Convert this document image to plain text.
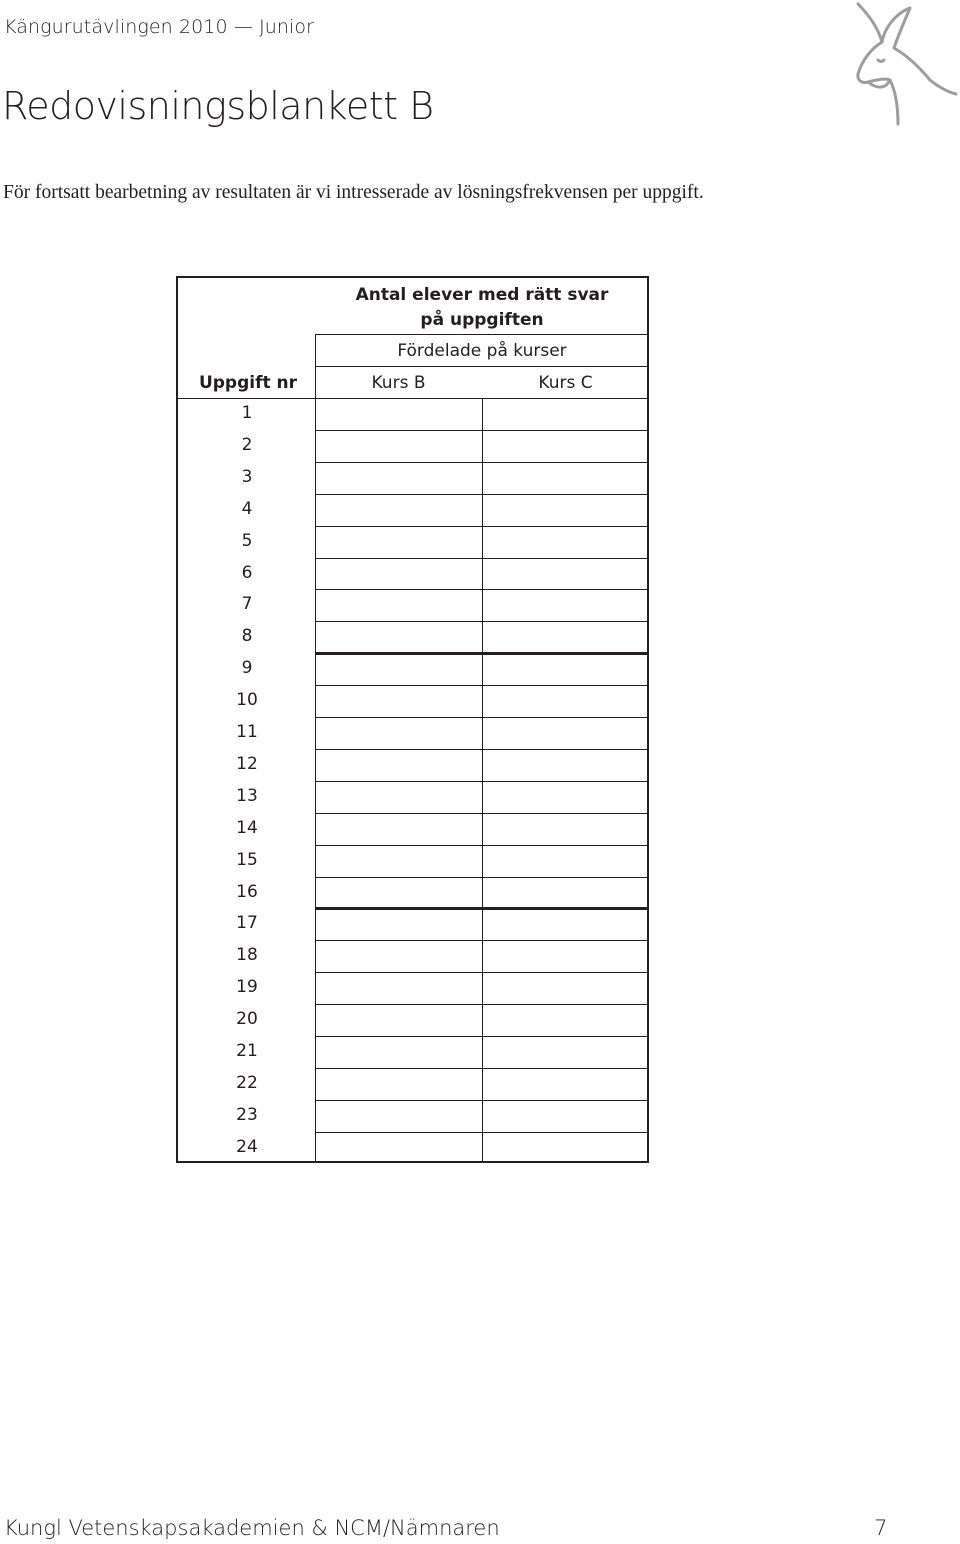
Kängurutävlingen 2010 — Junior
Redovisningsblankett B
För fortsatt bearbetning av resultaten är vi intresserade av lösningsfrekvensen per uppgift.
Antal elever med rätt svar
på uppgiften
Fördelade på kurser
Uppgift nr	Kurs B	Kurs C
1
2
3
4
5
6
7
8
9
10
11
12
13
14
15
16
17
18
19
20
21
22
23
24
Kungl Vetenskapsakademien & NCM/Nämnaren	7
